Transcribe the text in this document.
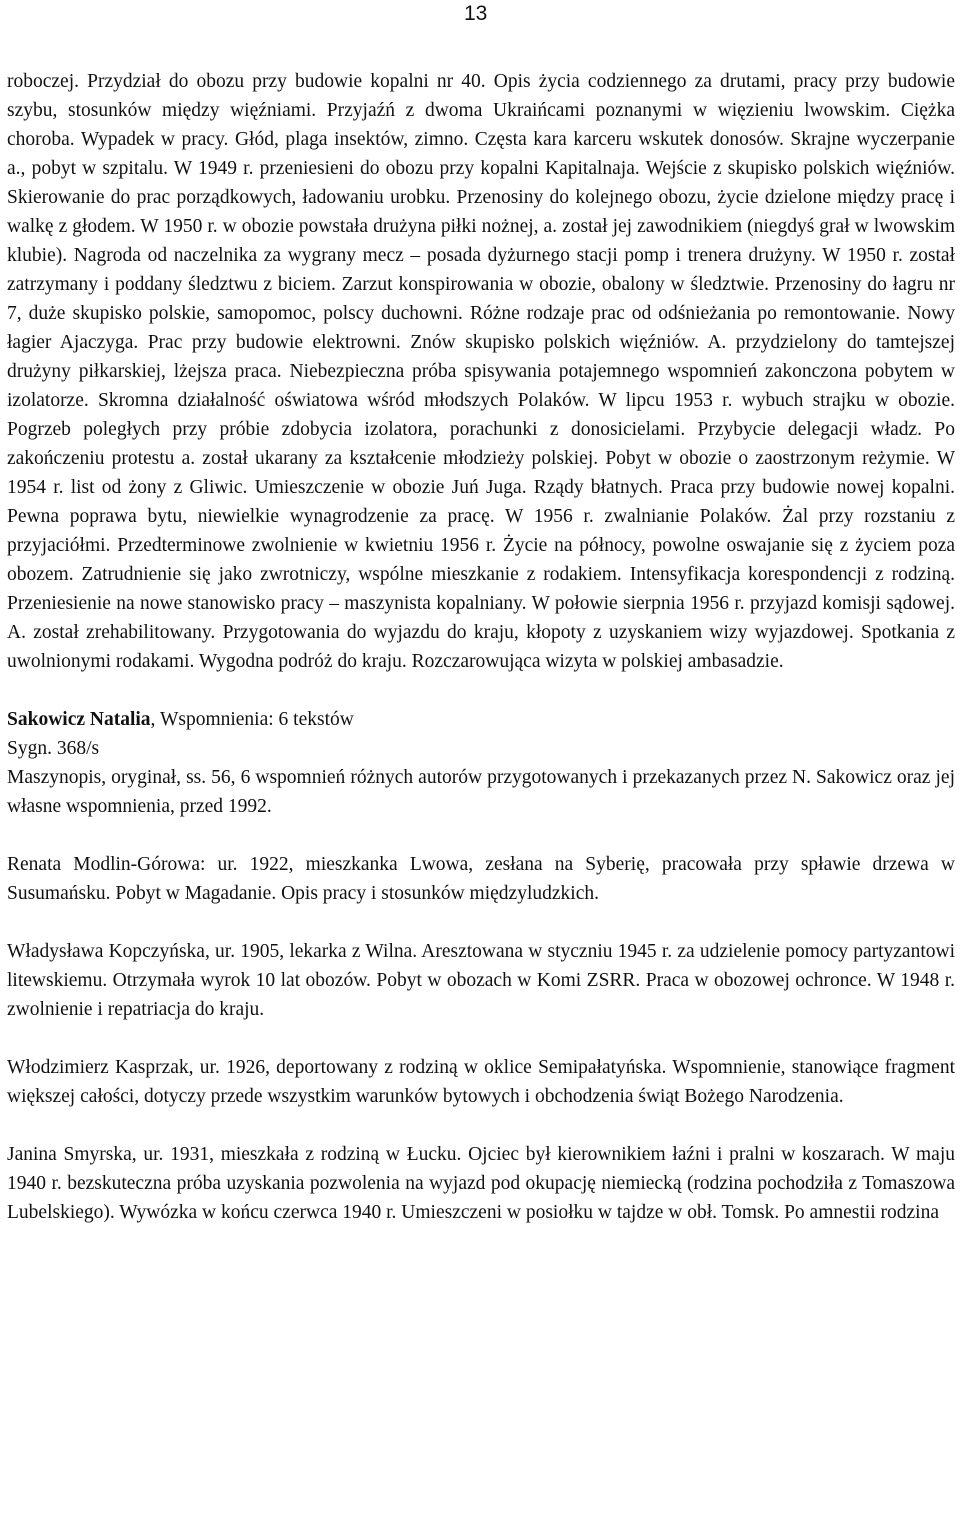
13

roboczej. Przydział do obozu przy budowie kopalni nr 40. Opis życia codziennego za drutami, pracy przy budowie szybu, stosunków między więźniami. Przyjaźń z dwoma Ukraińcami poznanymi w więzieniu lwowskim. Ciężka choroba. Wypadek w pracy. Głód, plaga insektów, zimno. Częsta kara karceru wskutek donosów. Skrajne wyczerpanie a., pobyt w szpitalu. W 1949 r. przeniesieni do obozu przy kopalni Kapitalnaja. Wejście z skupisko polskich więźniów. Skierowanie do prac porządkowych, ładowaniu urobku. Przenosiny do kolejnego obozu, życie dzielone między pracę i walkę z głodem. W 1950 r. w obozie powstała drużyna piłki nożnej, a. został jej zawodnikiem (niegdyś grał w lwowskim klubie). Nagroda od naczelnika za wygrany mecz – posada dyżurnego stacji pomp i trenera drużyny. W 1950 r. został zatrzymany i poddany śledztwu z biciem. Zarzut konspirowania w obozie, obalony w śledztwie. Przenosiny do łagru nr 7, duże skupisko polskie, samopomoc, polscy duchowni. Różne rodzaje prac od odśnieżania po remontowanie. Nowy łagier Ajaczyga. Prac przy budowie elektrowni. Znów skupisko polskich więźniów. A. przydzielony do tamtejszej drużyny piłkarskiej, lżejsza praca. Niebezpieczna próba spisywania potajemnego wspomnień zakonczona pobytem w izolatorze. Skromna działalność oświatowa wśród młodszych Polaków. W lipcu 1953 r. wybuch strajku w obozie. Pogrzeb poległych przy próbie zdobycia izolatora, porachunki z donosicielami. Przybycie delegacji władz. Po zakończeniu protestu a. został ukarany za kształcenie młodzieży polskiej. Pobyt w obozie o zaostrzonym reżymie. W 1954 r. list od żony z Gliwic. Umieszczenie w obozie Juń Juga. Rządy błatnych. Praca przy budowie nowej kopalni. Pewna poprawa bytu, niewielkie wynagrodzenie za pracę. W 1956 r. zwalnianie Polaków. Żal przy rozstaniu z przyjaciółmi. Przedterminowe zwolnienie w kwietniu 1956 r. Życie na północy, powolne oswajanie się z życiem poza obozem. Zatrudnienie się jako zwrotniczy, wspólne mieszkanie z rodakiem. Intensyfikacja korespondencji z rodziną. Przeniesienie na nowe stanowisko pracy – maszynista kopalniany. W połowie sierpnia 1956 r. przyjazd komisji sądowej. A. został zrehabilitowany. Przygotowania do wyjazdu do kraju, kłopoty z uzyskaniem wizy wyjazdowej. Spotkania z uwolnionymi rodakami. Wygodna podróż do kraju. Rozczarowująca wizyta w polskiej ambasadzie.

Sakowicz Natalia, Wspomnienia: 6 tekstów

Sygn. 368/s

Maszynopis, oryginał, ss. 56, 6 wspomnień różnych autorów przygotowanych i przekazanych przez N. Sakowicz oraz jej własne wspomnienia, przed 1992.

Renata Modlin-Górowa: ur. 1922, mieszkanka Lwowa, zesłana na Syberię, pracowała przy spławie drzewa w Susumańsku. Pobyt w Magadanie. Opis pracy i stosunków międzyludzkich.

Władysława Kopczyńska, ur. 1905, lekarka z Wilna. Aresztowana w styczniu 1945 r. za udzielenie pomocy partyzantowi litewskiemu. Otrzymała wyrok 10 lat obozów. Pobyt w obozach w Komi ZSRR. Praca w obozowej ochronce. W 1948 r. zwolnienie i repatriacja do kraju.

Włodzimierz Kasprzak, ur. 1926, deportowany z rodziną w oklice Semipałatyńska. Wspomnienie, stanowiące fragment większej całości, dotyczy przede wszystkim warunków bytowych i obchodzenia świąt Bożego Narodzenia.

Janina Smyrska, ur. 1931, mieszkała z rodziną w Łucku. Ojciec był kierownikiem łaźni i pralni w koszarach. W maju 1940 r. bezskuteczna próba uzyskania pozwolenia na wyjazd pod okupację niemiecką (rodzina pochodziła z Tomaszowa Lubelskiego). Wywózka w końcu czerwca 1940 r. Umieszczeni w posiołku w tajdze w obł. Tomsk. Po amnestii rodzina
